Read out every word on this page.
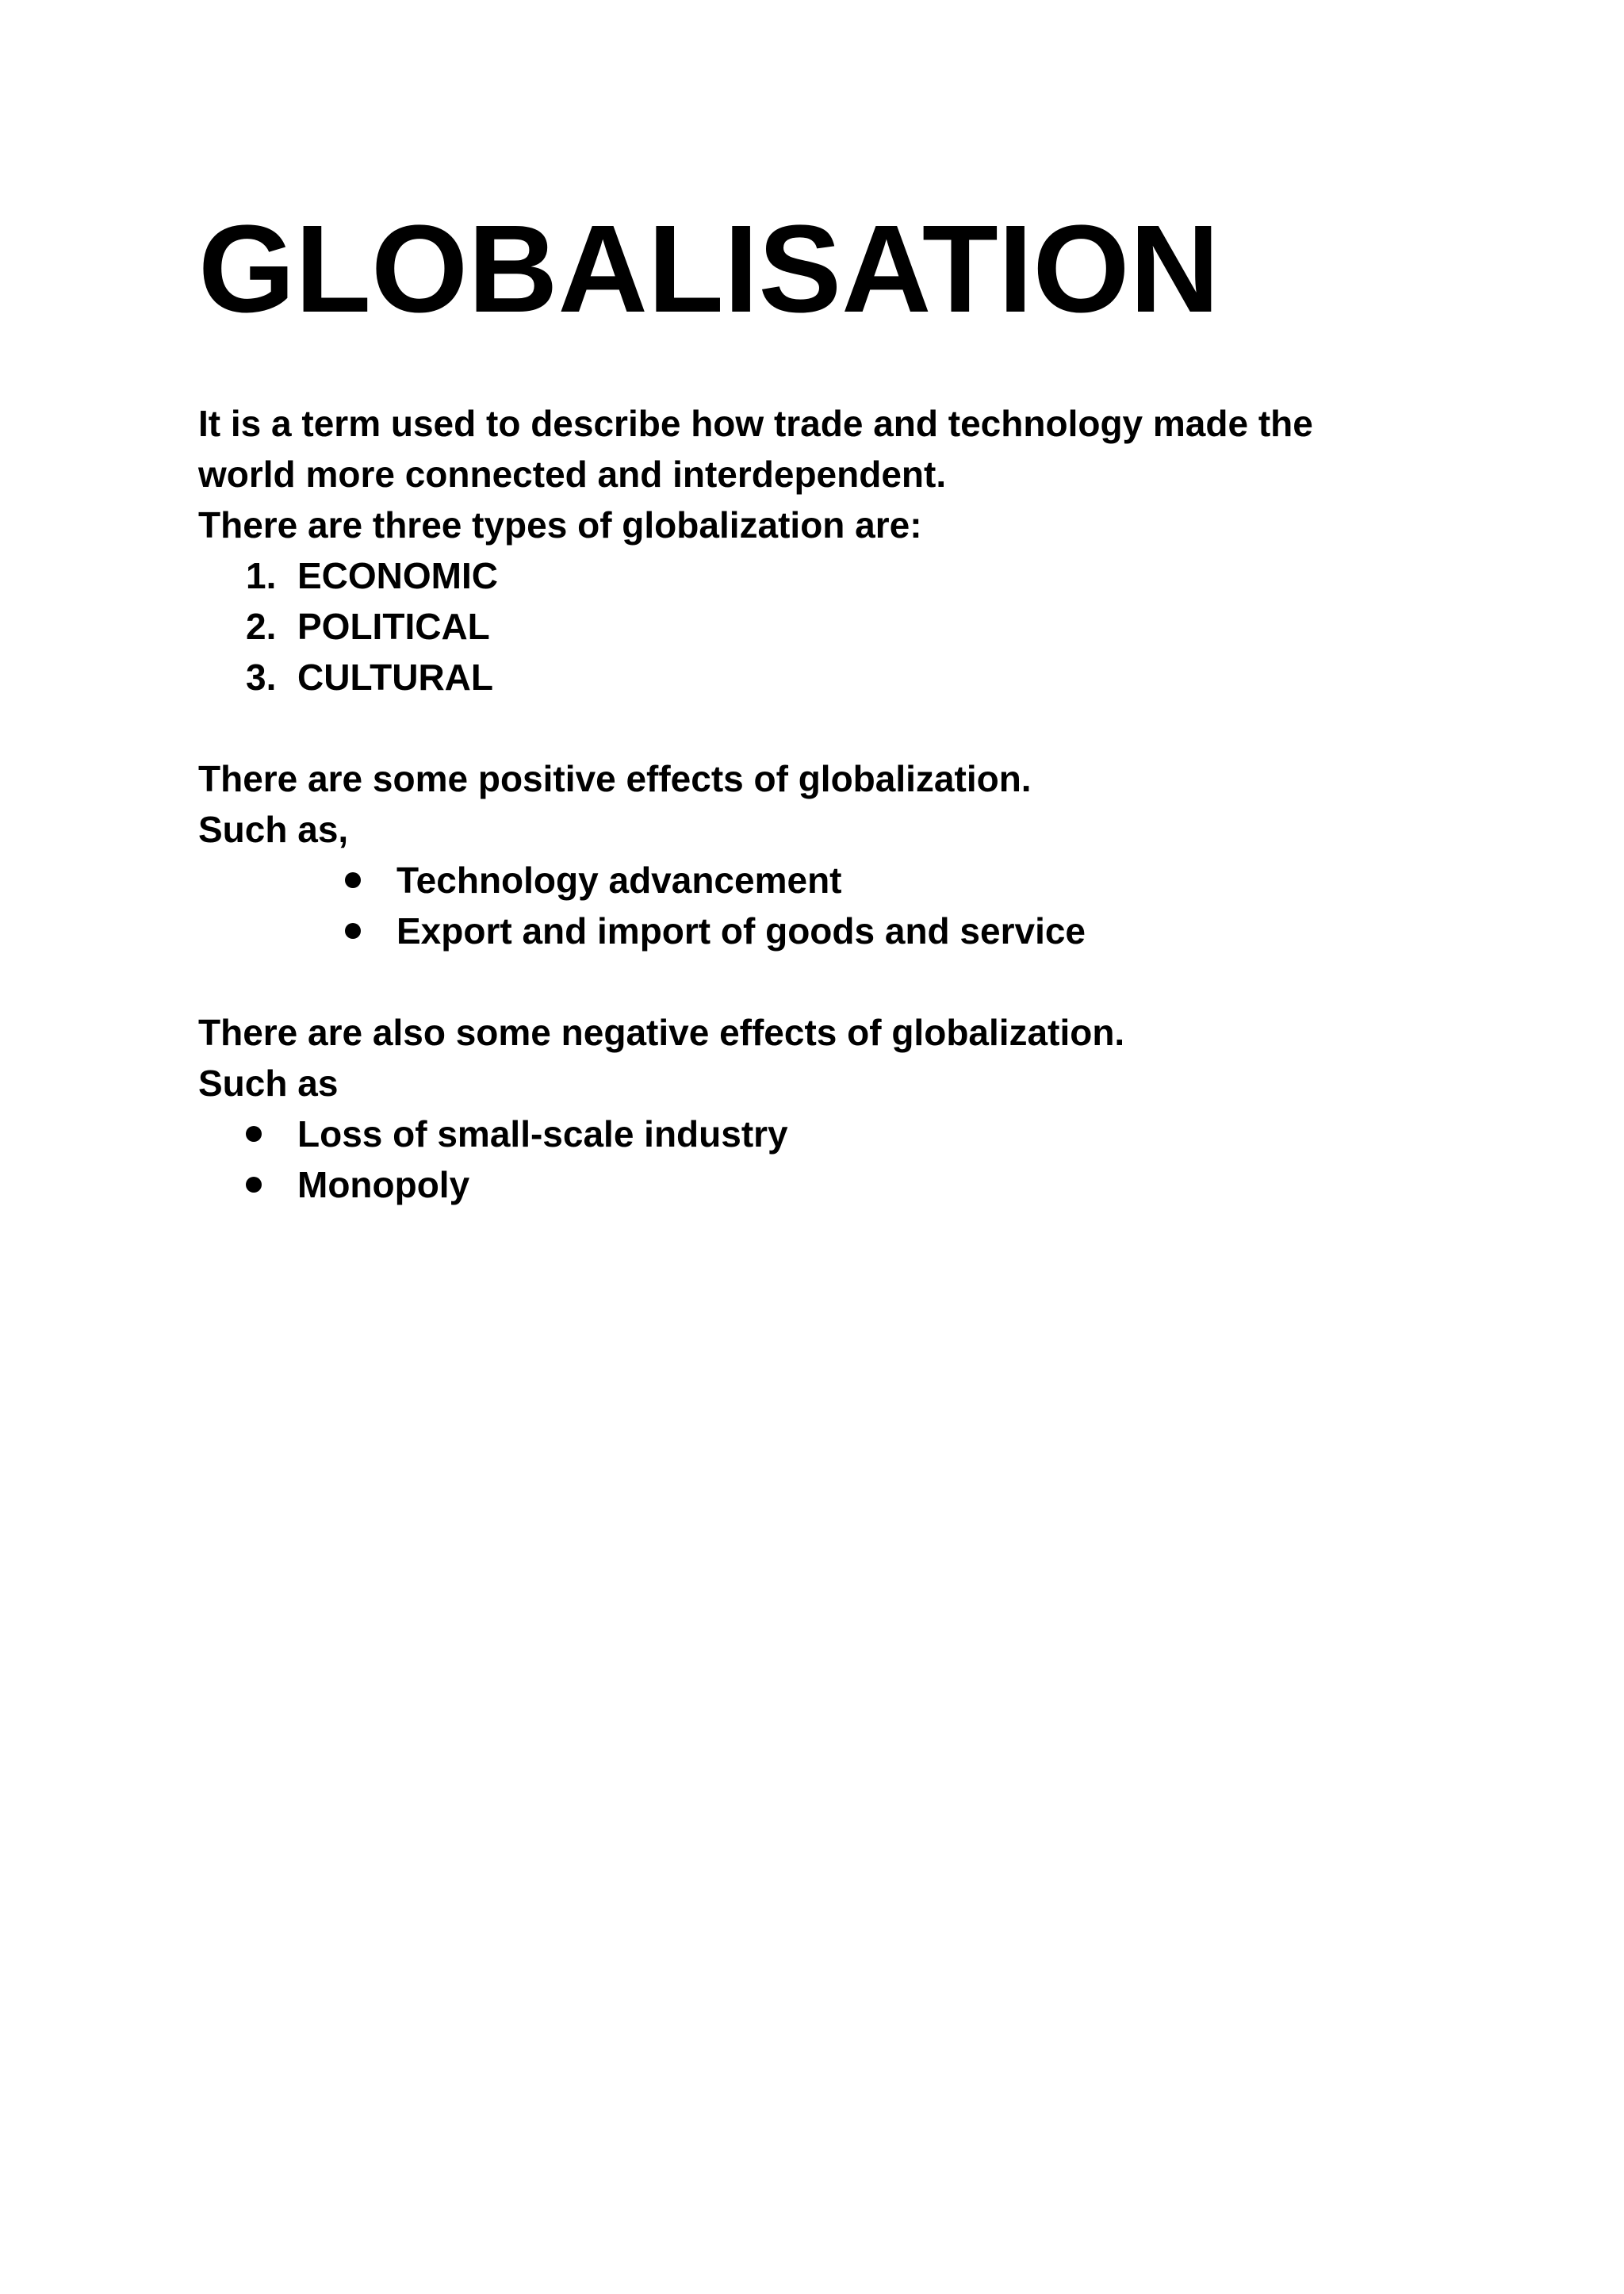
GLOBALISATION
It is a term used to describe how trade and technology made the
world more connected and interdependent.
There are three types of globalization are:
1. ECONOMIC
2. POLITICAL
3. CULTURAL
There are some positive effects of globalization.
Such as,
Technology advancement
Export and import of goods and service
There are also some negative effects of globalization.
Such as
Loss of small-scale industry
Monopoly
